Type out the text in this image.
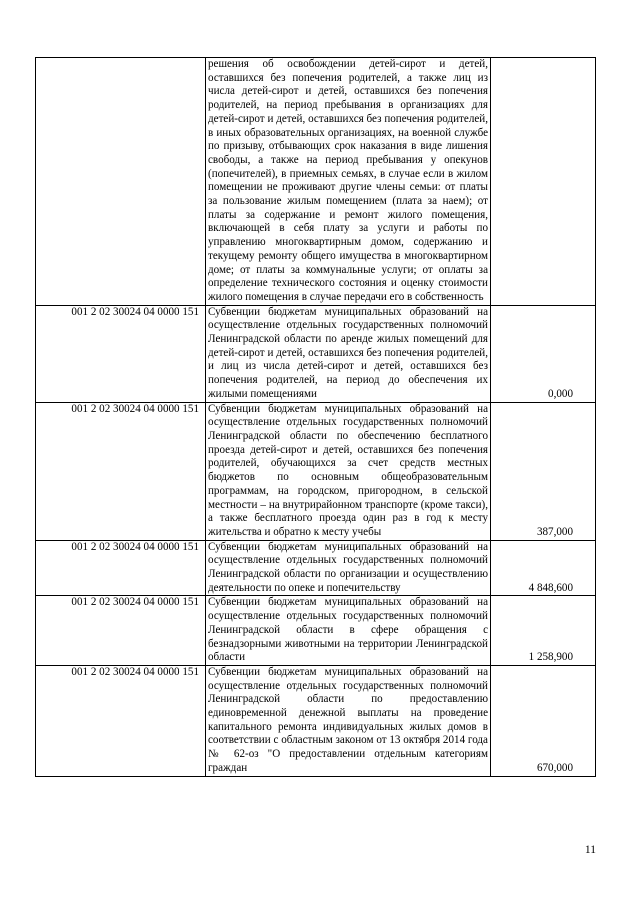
	решения об освобождении детей-сирот и детей, оставшихся без попечения родителей, а также лиц из числа детей-сирот и детей, оставшихся без попечения родителей, на период пребывания в организациях для детей-сирот и детей, оставшихся без попечения родителей, в иных образовательных организациях, на военной службе по призыву, отбывающих срок наказания в виде лишения свободы, а также на период пребывания у опекунов (попечителей), в приемных семьях, в случае если в жилом помещении не проживают другие члены семьи: от платы за пользование жилым помещением (плата за наем); от платы за содержание и ремонт жилого помещения, включающей в себя плату за услуги и работы по управлению многоквартирным домом, содержанию и текущему ремонту общего имущества в многоквартирном доме; от платы за коммунальные услуги; от оплаты за определение технического состояния и оценку стоимости жилого помещения в случае передачи его в собственность	
001 2 02 30024 04 0000 151	Субвенции бюджетам муниципальных образований на осуществление отдельных государственных полномочий Ленинградской области по аренде жилых помещений для детей-сирот и детей, оставшихся без попечения родителей, и лиц из числа детей-сирот и детей, оставшихся без попечения родителей, на период до обеспечения их жилыми помещениями	0,000
001 2 02 30024 04 0000 151	Субвенции бюджетам муниципальных образований на осуществление отдельных государственных полномочий Ленинградской области по обеспечению бесплатного проезда детей-сирот и детей, оставшихся без попечения родителей, обучающихся за счет средств местных бюджетов по основным общеобразовательным программам, на городском, пригородном, в сельской местности – на внутрирайонном транспорте (кроме такси), а также бесплатного проезда один раз в год к месту жительства и обратно к месту учебы	387,000
001 2 02 30024 04 0000 151	Субвенции бюджетам муниципальных образований на осуществление отдельных государственных полномочий Ленинградской области по организации и осуществлению деятельности по опеке и попечительству	4 848,600
001 2 02 30024 04 0000 151	Субвенции бюджетам муниципальных образований на осуществление отдельных государственных полномочий Ленинградской области в сфере обращения с безнадзорными животными на территории Ленинградской области	1 258,900
001 2 02 30024 04 0000 151	Субвенции бюджетам муниципальных образований на осуществление отдельных государственных полномочий Ленинградской области по предоставлению единовременной денежной выплаты на проведение капитального ремонта индивидуальных жилых домов в соответствии с областным законом от 13 октября 2014 года № 62-оз "О предоставлении отдельным категориям граждан	670,000
11
